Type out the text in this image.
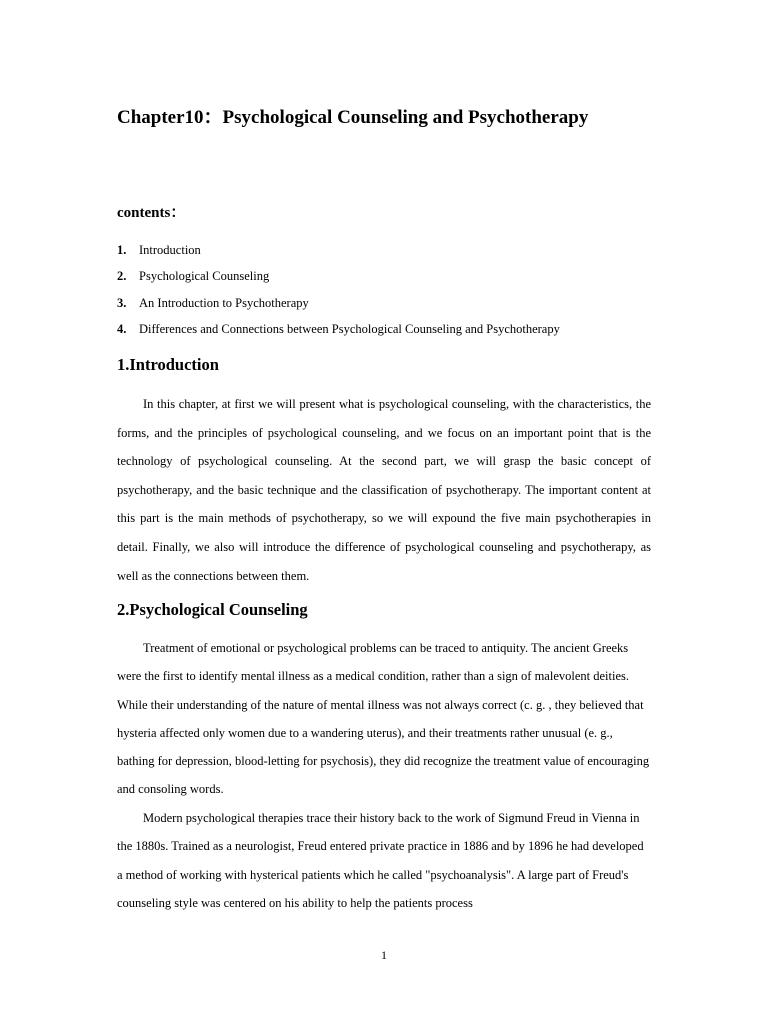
Chapter10：Psychological Counseling and Psychotherapy
contents：
1. Introduction
2. Psychological Counseling
3. An Introduction to Psychotherapy
4. Differences and Connections between Psychological Counseling and Psychotherapy
1.Introduction

In this chapter, at first we will present what is psychological counseling, with the characteristics, the forms, and the principles of psychological counseling, and we focus on an important point that is the technology of psychological counseling. At the second part, we will grasp the basic concept of psychotherapy, and the basic technique and the classification of psychotherapy. The important content at this part is the main methods of psychotherapy, so we will expound the five main psychotherapies in detail. Finally, we also will introduce the difference of psychological counseling and psychotherapy, as well as the connections between them.

2.Psychological Counseling

Treatment of emotional or psychological problems can be traced to antiquity. The ancient Greeks were the first to identify mental illness as a medical condition, rather than a sign of malevolent deities. While their understanding of the nature of mental illness was not always correct (c. g. , they believed that hysteria affected only women due to a wandering uterus), and their treatments rather unusual (e. g., bathing for depression, blood-letting for psychosis), they did recognize the treatment value of encouraging and consoling words.

Modern psychological therapies trace their history back to the work of Sigmund Freud in Vienna in the 1880s. Trained as a neurologist, Freud entered private practice in 1886 and by 1896 he had developed a method of working with hysterical patients which he called "psychoanalysis". A large part of Freud's counseling style was centered on his ability to help the patients process

1
